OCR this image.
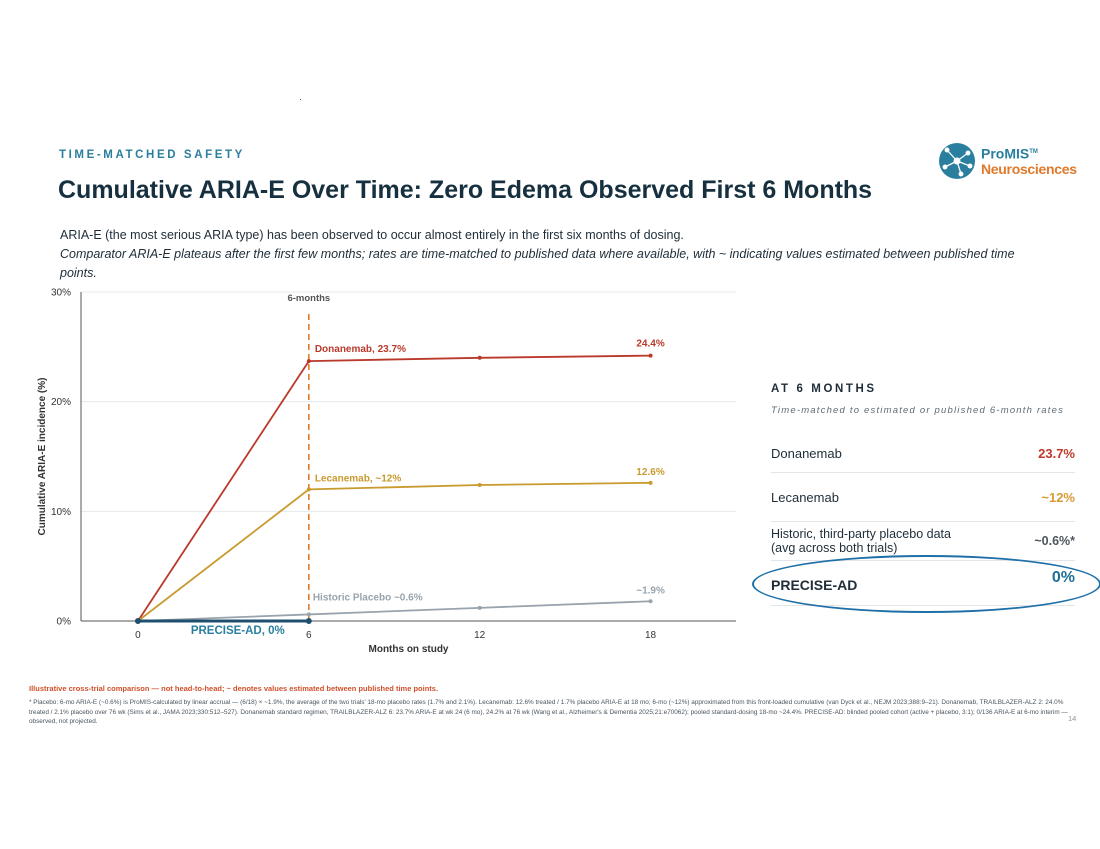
TIME-MATCHED SAFETY
Cumulative ARIA-E Over Time: Zero Edema Observed First 6 Months
ARIA-E (the most serious ARIA type) has been observed to occur almost entirely in the first six months of dosing.
Comparator ARIA-E plateaus after the first few months; rates are time-matched to published data where available, with ~ indicating values estimated between published time points.
ProMIS™
Neurosciences
0%
10%
20%
30%
0	6	12	18
Months on study
Cumulative ARIA-E incidence (%)
6-months
Donanemab, 23.7%	24.4%
Lecanemab, ~12%
12.6%
Historic Placebo ~0.6%
~1.9%
PRECISE-AD, 0%
AT 6 MONTHS
Time-matched to estimated or published 6-month rates
Donanemab	23.7%
Lecanemab	~12%
Historic, third-party placebo data
(avg across both trials)	~0.6%*
PRECISE-AD	0%
Illustrative cross-trial comparison — not head-to-head; ~ denotes values estimated between published time points.
* Placebo: 6-mo ARIA-E (~0.6%) is ProMIS-calculated by linear accrual — (6/18) × ~1.9%, the average of the two trials' 18-mo placebo rates (1.7% and 2.1%). Lecanemab: 12.6% treated / 1.7% placebo ARIA-E at 18 mo; 6-mo (~12%) approximated from this front-loaded cumulative (van Dyck et al., NEJM 2023;388:9–21). Donanemab, TRAILBLAZER-ALZ 2: 24.0% treated / 2.1% placebo over 76 wk (Sims et al., JAMA 2023;330:512–527). Donanemab standard regimen, TRAILBLAZER-ALZ 6: 23.7% ARIA-E at wk 24 (6 mo), 24.2% at 76 wk (Wang et al., Alzheimer's & Dementia 2025;21:e70062); pooled standard-dosing 18-mo ~24.4%. PRECISE-AD: blinded pooled cohort (active + placebo, 3:1); 0/136 ARIA-E at 6-mo interim — observed, not projected.	14
